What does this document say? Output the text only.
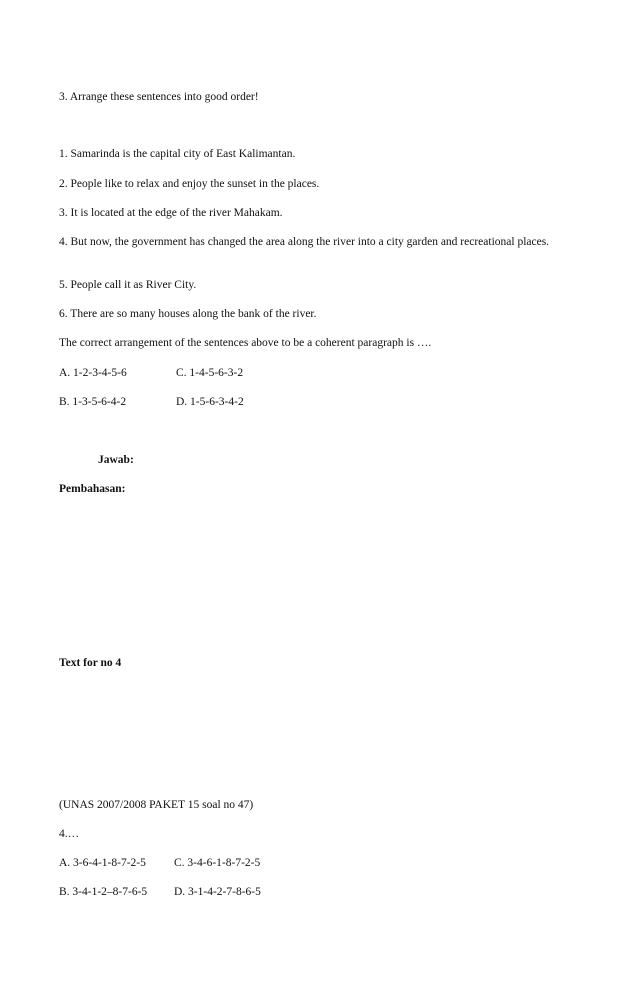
3. Arrange these sentences into good order!
1. Samarinda is the capital city of East Kalimantan.
2. People like to relax and enjoy the sunset in the places.
3. It is located at the edge of the river Mahakam.
4. But now, the government has changed the area along the river into a city garden and recreational places.
5. People call it as River City.
6. There are so many houses along the bank of the river.
The correct arrangement of the sentences above to be a coherent paragraph is ….
A. 1-2-3-4-5-6	C. 1-4-5-6-3-2
B. 1-3-5-6-4-2	D. 1-5-6-3-4-2
Jawab:
Pembahasan:
Text for no 4
(UNAS 2007/2008 PAKET 15 soal no 47)
4.…
A. 3-6-4-1-8-7-2-5 C. 3-4-6-1-8-7-2-5
B. 3-4-1-2–8-7-6-5 D. 3-1-4-2-7-8-6-5
